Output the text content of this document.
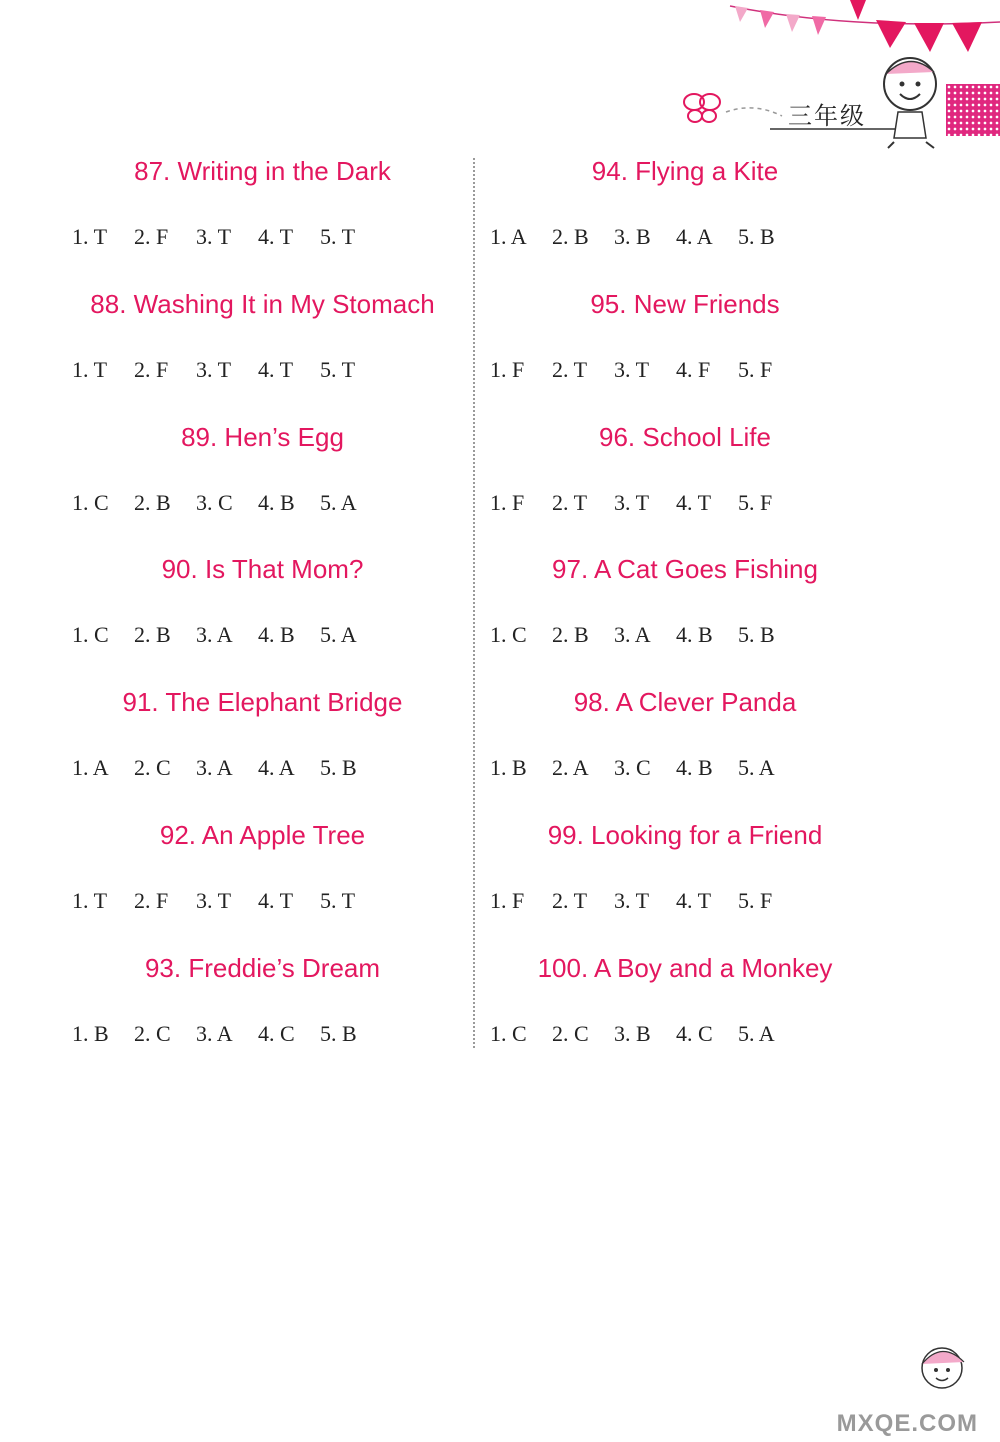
三年级
87. Writing in the Dark
1. T	2. F	3. T	4. T	5. T
88. Washing It in My Stomach
1. T	2. F	3. T	4. T	5. T
89. Hen’s Egg
1. C	2. B	3. C	4. B	5. A
90. Is That Mom?
1. C	2. B	3. A	4. B	5. A
91. The Elephant Bridge
1. A	2. C	3. A	4. A	5. B
92. An Apple Tree
1. T	2. F	3. T	4. T	5. T
93. Freddie’s Dream
1. B	2. C	3. A	4. C	5. B
94. Flying a Kite
1. A	2. B	3. B	4. A	5. B
95. New Friends
1. F	2. T	3. T	4. F	5. F
96. School Life
1. F	2. T	3. T	4. T	5. F
97. A Cat Goes Fishing
1. C	2. B	3. A	4. B	5. B
98. A Clever Panda
1. B	2. A	3. C	4. B	5. A
99. Looking for a Friend
1. F	2. T	3. T	4. T	5. F
100. A Boy and a Monkey
1. C	2. C	3. B	4. C	5. A
MXQE.COM
